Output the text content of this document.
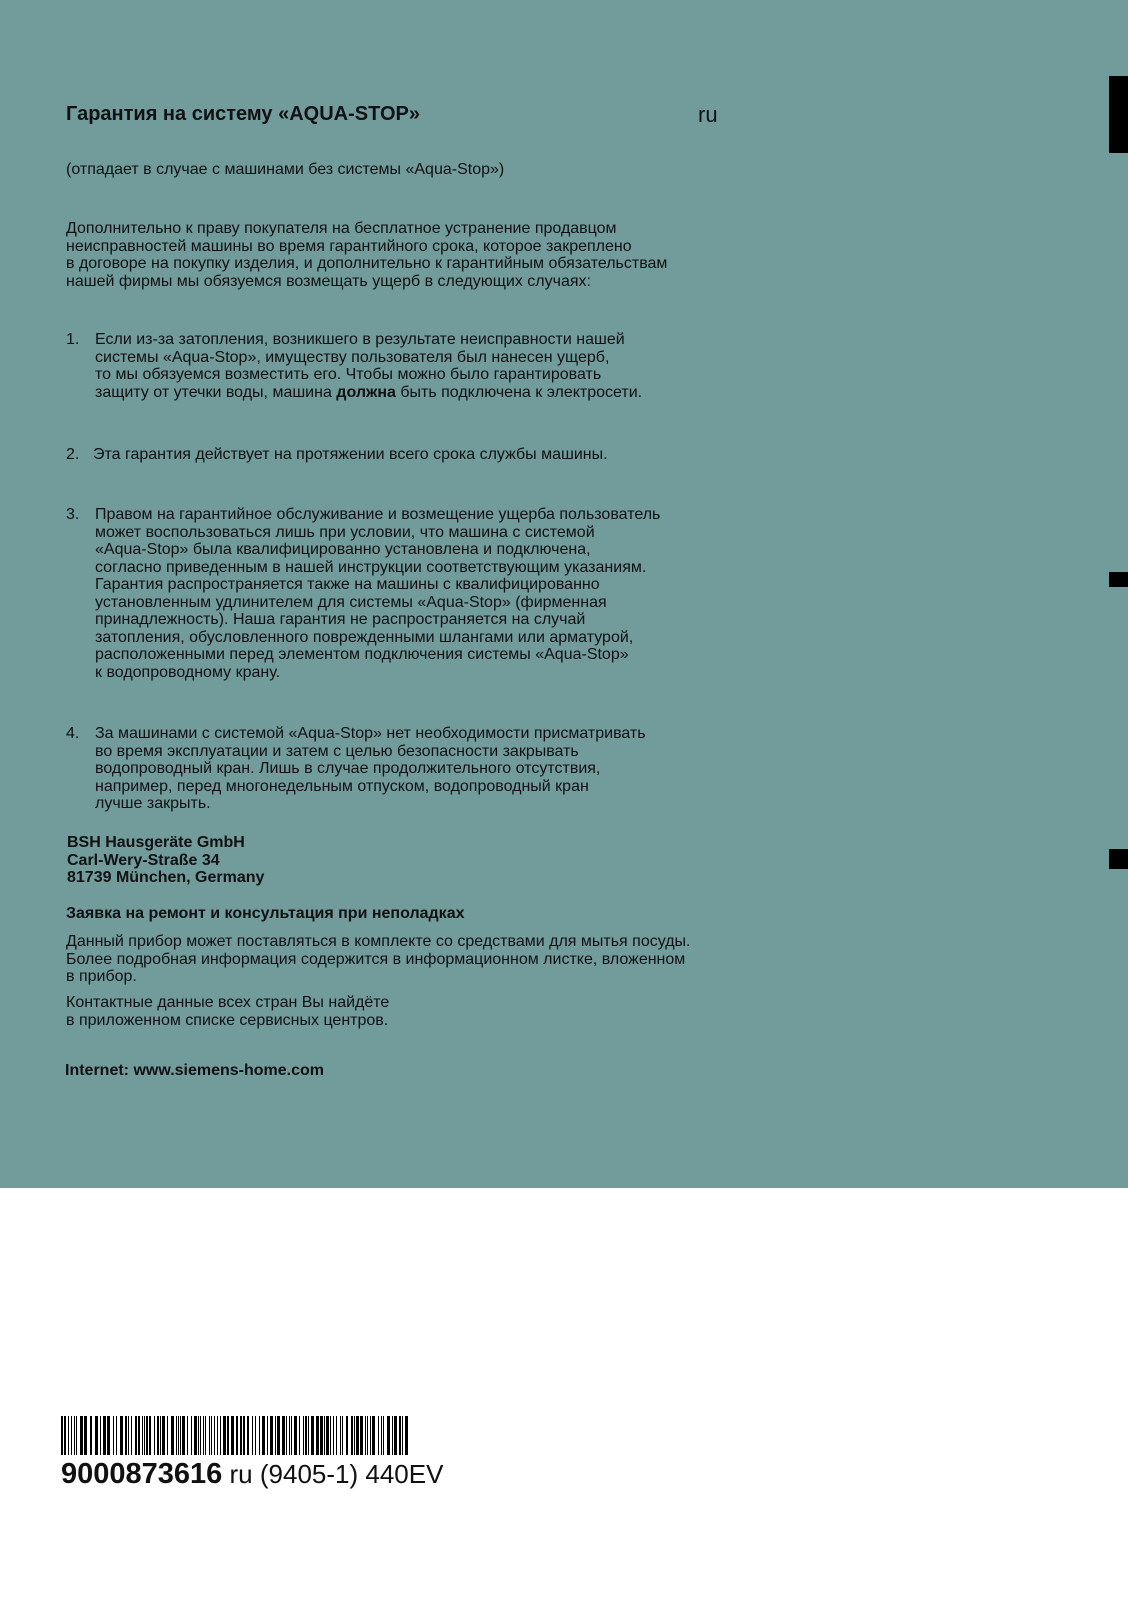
Гарантия на систему «AQUA-STOP»	ru

(отпадает в случае с машинами без системы «Aqua-Stop»)

Дополнительно к праву покупателя на бесплатное устранение продавцом
неисправностей машины во время гарантийного срока, которое закреплено
в договоре на покупку изделия, и дополнительно к гарантийным обязательствам
нашей фирмы мы обязуемся возмещать ущерб в следующих случаях:

1. Если из-за затопления, возникшего в результате неисправности нашей
системы «Aqua-Stop», имуществу пользователя был нанесен ущерб,
то мы обязуемся возместить его. Чтобы можно было гарантировать
защиту от утечки воды, машина должна быть подключена к электросети.
2. Эта гарантия действует на протяжении всего срока службы машины.
3. Правом на гарантийное обслуживание и возмещение ущерба пользователь
может воспользоваться лишь при условии, что машина с системой
«Aqua-Stop» была квалифицированно установлена и подключена,
согласно приведенным в нашей инструкции соответствующим указаниям.
Гарантия распространяется также на машины с квалифицированно
установленным удлинителем для системы «Aqua-Stop» (фирменная
принадлежность). Наша гарантия не распространяется на случай
затопления, обусловленного поврежденными шлангами или арматурой,
расположенными перед элементом подключения системы «Aqua-Stop»
к водопроводному крану.
4. За машинами с системой «Aqua-Stop» нет необходимости присматривать
во время эксплуатации и затем с целью безопасности закрывать
водопроводный кран. Лишь в случае продолжительного отсутствия,
например, перед многонедельным отпуском, водопроводный кран
лучше закрыть.
BSH Hausgeräte GmbH
Carl-Wery-Straße 34
81739 München, Germany
Заявка на ремонт и консультация при неполадках

Данный прибор может поставляться в комплекте со средствами для мытья посуды.
Более подробная информация содержится в информационном листке, вложенном
в прибор.

Контактные данные всех стран Вы найдёте
в приложенном списке сервисных центров.

Internet: www.siemens-home.com
9000873616 ru (9405-1) 440EV
